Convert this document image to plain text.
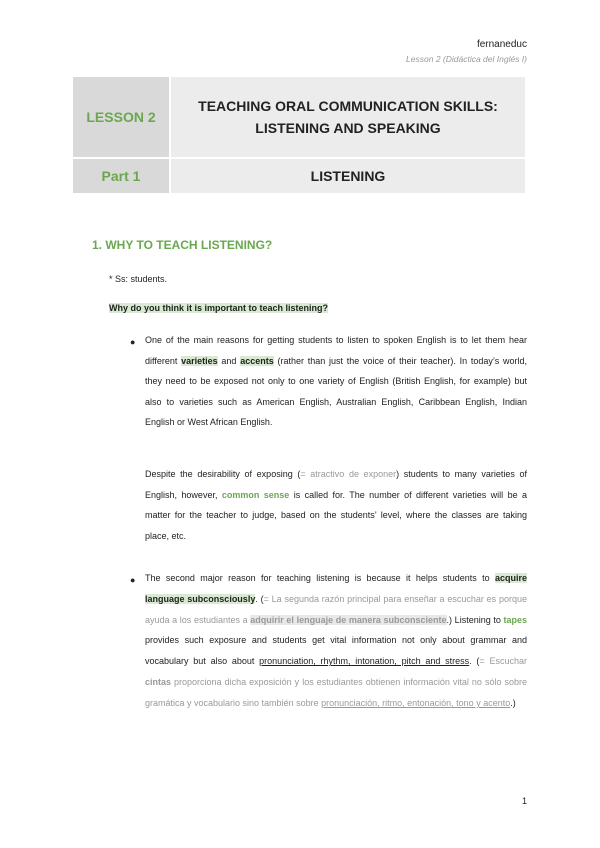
fernaneduc
Lesson 2 (Didáctica del Inglés I)
LESSON 2	TEACHING ORAL COMMUNICATION SKILLS:
LISTENING AND SPEAKING

Part 1	LISTENING
1. WHY TO TEACH LISTENING?
* Ss: students.
Why do you think it is important to teach listening?
● One of the main reasons for getting students to listen to spoken English is to let them hear different varieties and accents (rather than just the voice of their teacher). In today’s world, they need to be exposed not only to one variety of English (British English, for example) but also to varieties such as American English, Australian English, Caribbean English, Indian English or West African English.

Despite the desirability of exposing (= atractivo de exponer) students to many varieties of English, however, common sense is called for. The number of different varieties will be a matter for the teacher to judge, based on the students’ level, where the classes are taking place, etc.

● The second major reason for teaching listening is because it helps students to acquire language subconsciously. (= La segunda razón principal para enseñar a escuchar es porque ayuda a los estudiantes a adquirir el lenguaje de manera subconsciente.) Listening to tapes provides such exposure and students get vital information not only about grammar and vocabulary but also about pronunciation, rhythm, intonation, pitch and stress. (= Escuchar cintas proporciona dicha exposición y los estudiantes obtienen información vital no sólo sobre gramática y vocabulario sino también sobre pronunciación, ritmo, entonación, tono y acento.)

1
